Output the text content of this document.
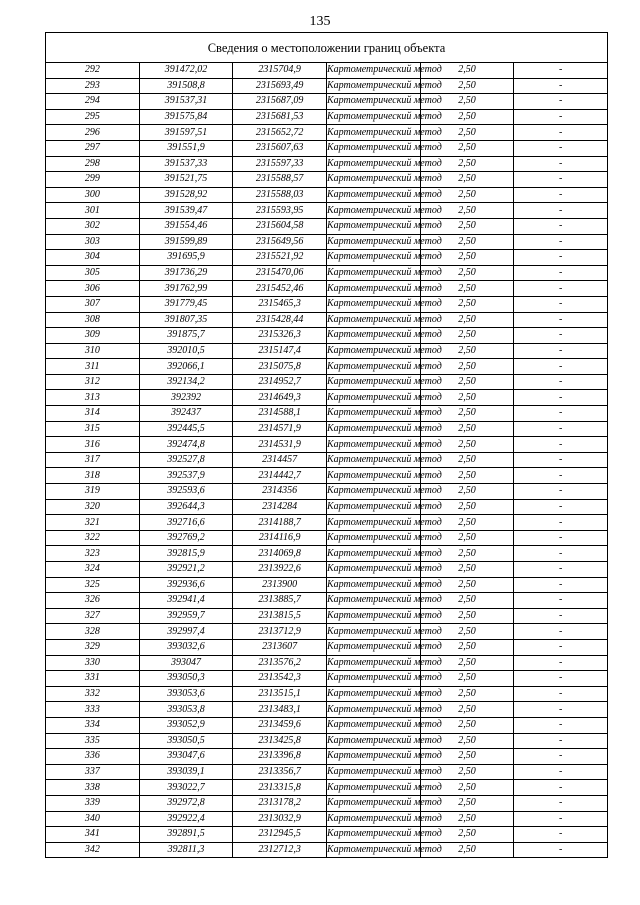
135
Сведения о местоположении границ объекта					
292	391472,02	2315704,9	Картометрический метод	2,50	-
293	391508,8	2315693,49	Картометрический метод	2,50	-
294	391537,31	2315687,09	Картометрический метод	2,50	-
295	391575,84	2315681,53	Картометрический метод	2,50	-
296	391597,51	2315652,72	Картометрический метод	2,50	-
297	391551,9	2315607,63	Картометрический метод	2,50	-
298	391537,33	2315597,33	Картометрический метод	2,50	-
299	391521,75	2315588,57	Картометрический метод	2,50	-
300	391528,92	2315588,03	Картометрический метод	2,50	-
301	391539,47	2315593,95	Картометрический метод	2,50	-
302	391554,46	2315604,58	Картометрический метод	2,50	-
303	391599,89	2315649,56	Картометрический метод	2,50	-
304	391695,9	2315521,92	Картометрический метод	2,50	-
305	391736,29	2315470,06	Картометрический метод	2,50	-
306	391762,99	2315452,46	Картометрический метод	2,50	-
307	391779,45	2315465,3	Картометрический метод	2,50	-
308	391807,35	2315428,44	Картометрический метод	2,50	-
309	391875,7	2315326,3	Картометрический метод	2,50	-
310	392010,5	2315147,4	Картометрический метод	2,50	-
311	392066,1	2315075,8	Картометрический метод	2,50	-
312	392134,2	2314952,7	Картометрический метод	2,50	-
313	392392	2314649,3	Картометрический метод	2,50	-
314	392437	2314588,1	Картометрический метод	2,50	-
315	392445,5	2314571,9	Картометрический метод	2,50	-
316	392474,8	2314531,9	Картометрический метод	2,50	-
317	392527,8	2314457	Картометрический метод	2,50	-
318	392537,9	2314442,7	Картометрический метод	2,50	-
319	392593,6	2314356	Картометрический метод	2,50	-
320	392644,3	2314284	Картометрический метод	2,50	-
321	392716,6	2314188,7	Картометрический метод	2,50	-
322	392769,2	2314116,9	Картометрический метод	2,50	-
323	392815,9	2314069,8	Картометрический метод	2,50	-
324	392921,2	2313922,6	Картометрический метод	2,50	-
325	392936,6	2313900	Картометрический метод	2,50	-
326	392941,4	2313885,7	Картометрический метод	2,50	-
327	392959,7	2313815,5	Картометрический метод	2,50	-
328	392997,4	2313712,9	Картометрический метод	2,50	-
329	393032,6	2313607	Картометрический метод	2,50	-
330	393047	2313576,2	Картометрический метод	2,50	-
331	393050,3	2313542,3	Картометрический метод	2,50	-
332	393053,6	2313515,1	Картометрический метод	2,50	-
333	393053,8	2313483,1	Картометрический метод	2,50	-
334	393052,9	2313459,6	Картометрический метод	2,50	-
335	393050,5	2313425,8	Картометрический метод	2,50	-
336	393047,6	2313396,8	Картометрический метод	2,50	-
337	393039,1	2313356,7	Картометрический метод	2,50	-
338	393022,7	2313315,8	Картометрический метод	2,50	-
339	392972,8	2313178,2	Картометрический метод	2,50	-
340	392922,4	2313032,9	Картометрический метод	2,50	-
341	392891,5	2312945,5	Картометрический метод	2,50	-
342	392811,3	2312712,3	Картометрический метод	2,50	-
